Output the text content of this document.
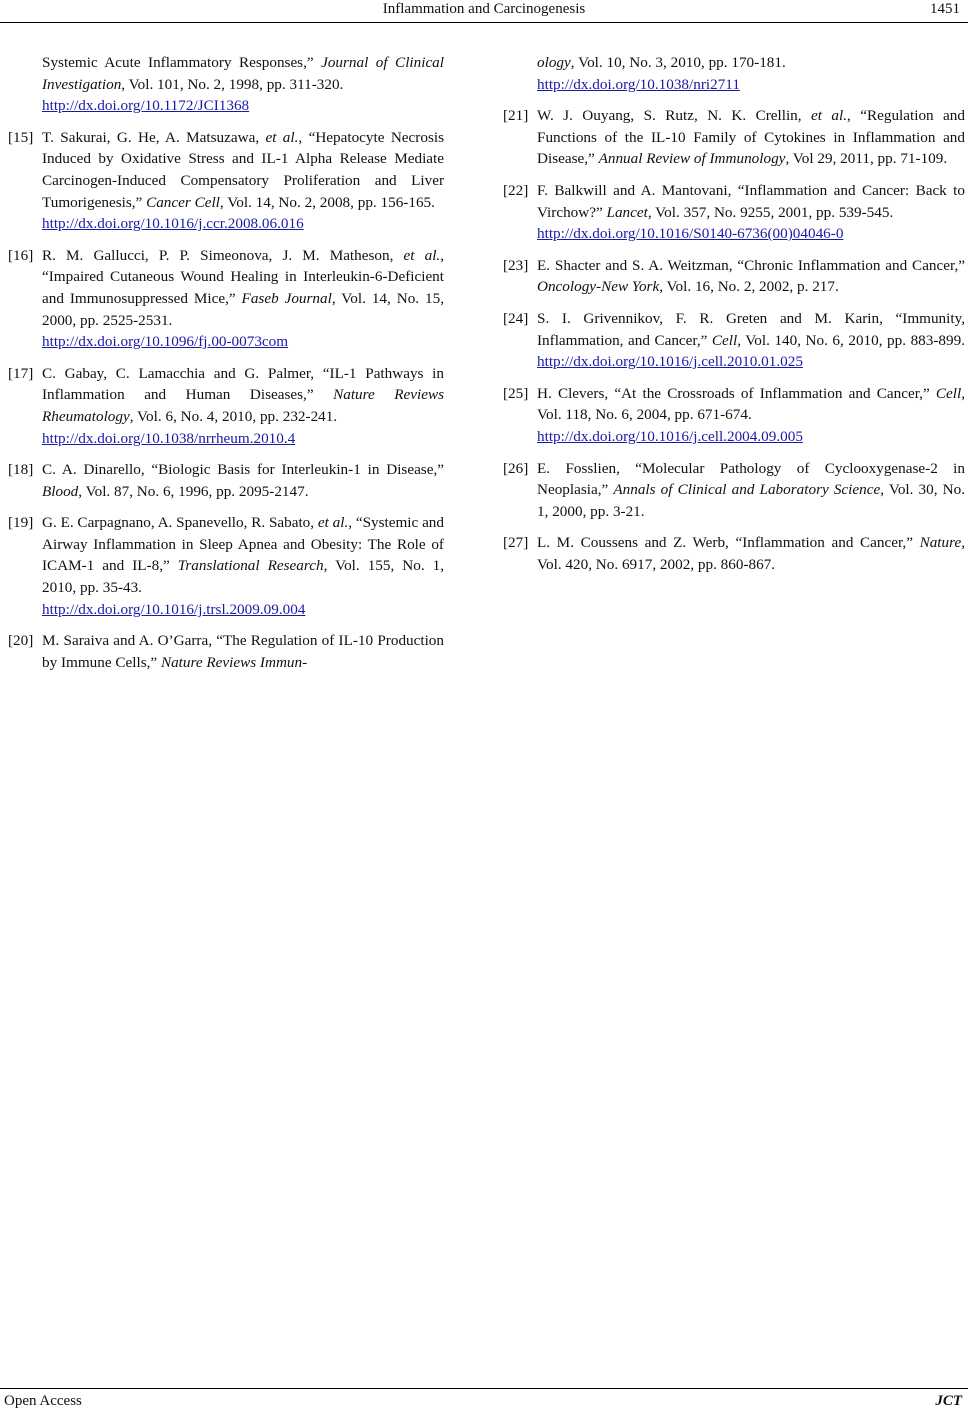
Inflammation and Carcinogenesis	1451
Systemic Acute Inflammatory Responses,” Journal of Clinical Investigation, Vol. 101, No. 2, 1998, pp. 311-320.
http://dx.doi.org/10.1172/JCI1368
[15] T. Sakurai, G. He, A. Matsuzawa, et al., “Hepatocyte Necrosis Induced by Oxidative Stress and IL-1 Alpha Release Mediate Carcinogen-Induced Compensatory Proliferation and Liver Tumorigenesis,” Cancer Cell, Vol. 14, No. 2, 2008, pp. 156-165.
http://dx.doi.org/10.1016/j.ccr.2008.06.016
[16] R. M. Gallucci, P. P. Simeonova, J. M. Matheson, et al., “Impaired Cutaneous Wound Healing in Interleukin-6-Deficient and Immunosuppressed Mice,” Faseb Journal, Vol. 14, No. 15, 2000, pp. 2525-2531.
http://dx.doi.org/10.1096/fj.00-0073com
[17] C. Gabay, C. Lamacchia and G. Palmer, “IL-1 Pathways in Inflammation and Human Diseases,” Nature Reviews Rheumatology, Vol. 6, No. 4, 2010, pp. 232-241.
http://dx.doi.org/10.1038/nrrheum.2010.4
[18] C. A. Dinarello, “Biologic Basis for Interleukin-1 in Disease,” Blood, Vol. 87, No. 6, 1996, pp. 2095-2147.
[19] G. E. Carpagnano, A. Spanevello, R. Sabato, et al., “Systemic and Airway Inflammation in Sleep Apnea and Obesity: The Role of ICAM-1 and IL-8,” Translational Research, Vol. 155, No. 1, 2010, pp. 35-43.
http://dx.doi.org/10.1016/j.trsl.2009.09.004
[20] M. Saraiva and A. O’Garra, “The Regulation of IL-10 Production by Immune Cells,” Nature Reviews Immun-
ology, Vol. 10, No. 3, 2010, pp. 170-181.
http://dx.doi.org/10.1038/nri2711
[21] W. J. Ouyang, S. Rutz, N. K. Crellin, et al., “Regulation and Functions of the IL-10 Family of Cytokines in Inflammation and Disease,” Annual Review of Immunology, Vol 29, 2011, pp. 71-109.
[22] F. Balkwill and A. Mantovani, “Inflammation and Cancer: Back to Virchow?” Lancet, Vol. 357, No. 9255, 2001, pp. 539-545.
http://dx.doi.org/10.1016/S0140-6736(00)04046-0
[23] E. Shacter and S. A. Weitzman, “Chronic Inflammation and Cancer,” Oncology-New York, Vol. 16, No. 2, 2002, p. 217.
[24] S. I. Grivennikov, F. R. Greten and M. Karin, “Immunity, Inflammation, and Cancer,” Cell, Vol. 140, No. 6, 2010, pp. 883-899. http://dx.doi.org/10.1016/j.cell.2010.01.025
[25] H. Clevers, “At the Crossroads of Inflammation and Cancer,” Cell, Vol. 118, No. 6, 2004, pp. 671-674.
http://dx.doi.org/10.1016/j.cell.2004.09.005
[26] E. Fosslien, “Molecular Pathology of Cyclooxygenase-2 in Neoplasia,” Annals of Clinical and Laboratory Science, Vol. 30, No. 1, 2000, pp. 3-21.
[27] L. M. Coussens and Z. Werb, “Inflammation and Cancer,” Nature, Vol. 420, No. 6917, 2002, pp. 860-867.
Open Access	JCT
